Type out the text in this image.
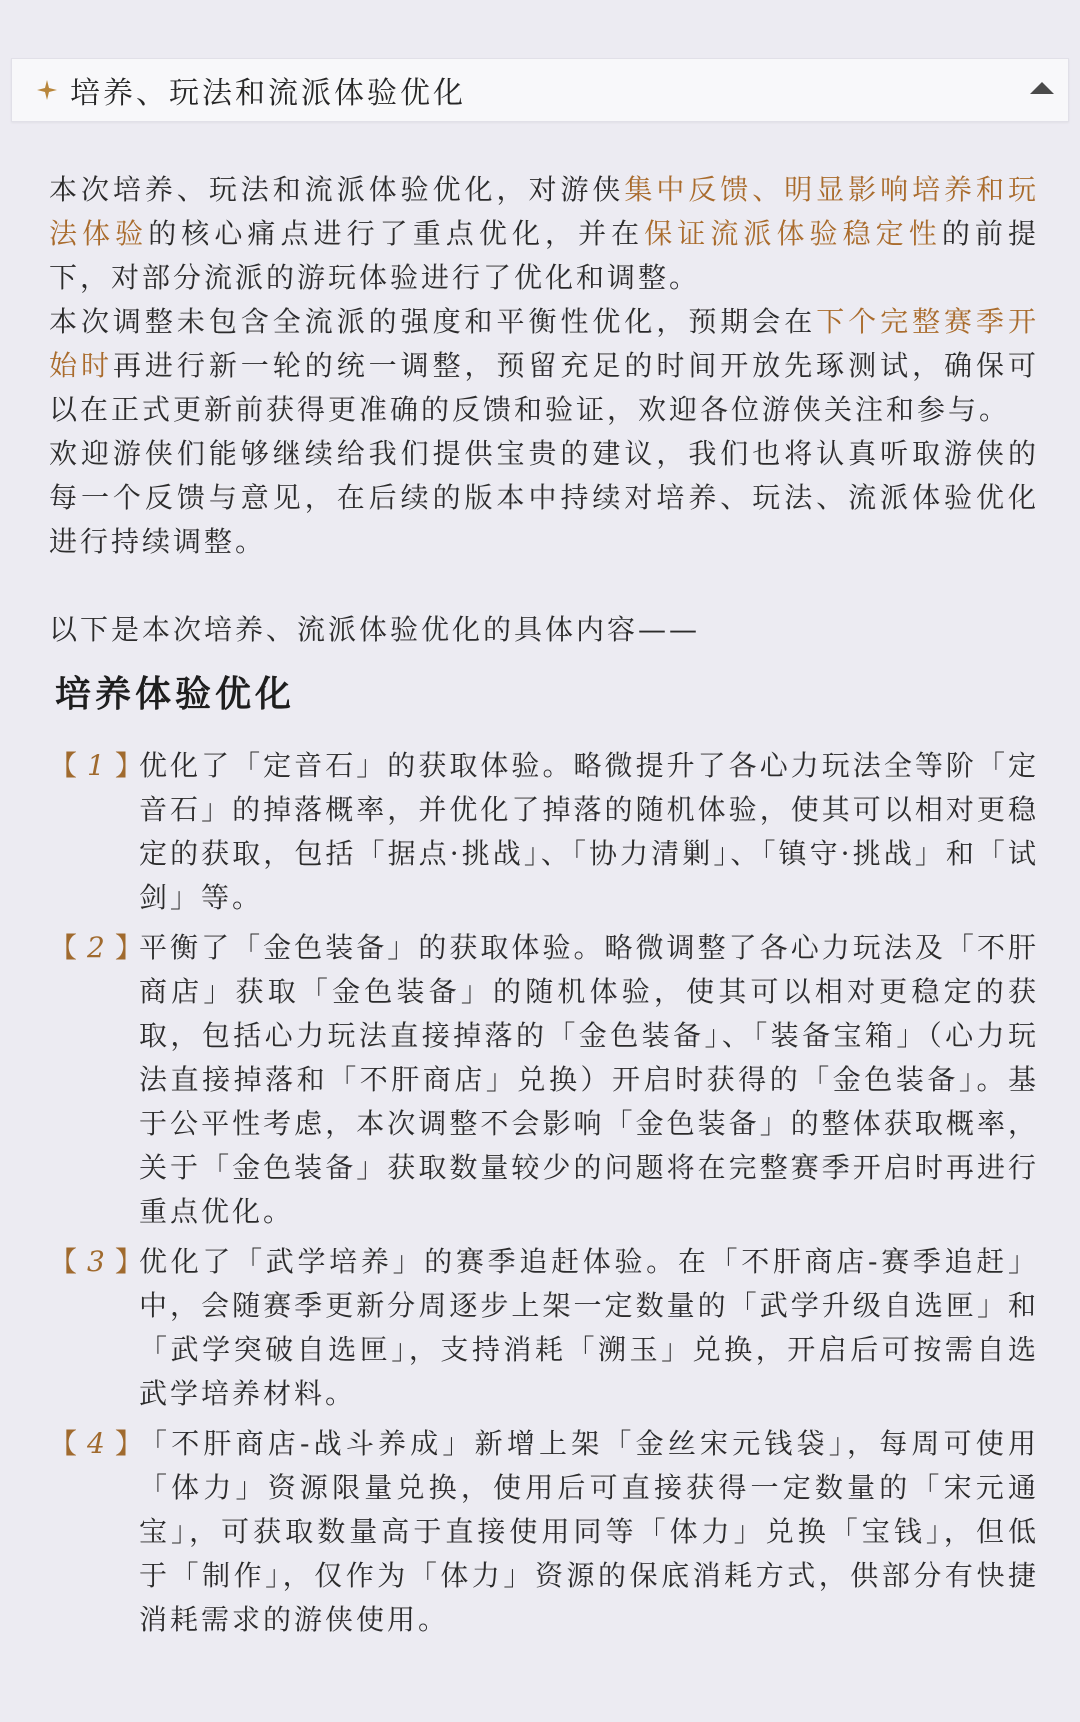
培养、玩法和流派体验优化

本次培养、玩法和流派体验优化，对游侠集中反馈、明显影响培养和玩法体验的核心痛点进行了重点优化，并在保证流派体验稳定性的前提下，对部分流派的游玩体验进行了优化和调整。

本次调整未包含全流派的强度和平衡性优化，预期会在下个完整赛季开始时再进行新一轮的统一调整，预留充足的时间开放先琢测试，确保可以在正式更新前获得更准确的反馈和验证，欢迎各位游侠关注和参与。

欢迎游侠们能够继续给我们提供宝贵的建议，我们也将认真听取游侠的每一个反馈与意见，在后续的版本中持续对培养、玩法、流派体验优化进行持续调整。

以下是本次培养、流派体验优化的具体内容——

培养体验优化
【 1 】
优化了「定音石」的获取体验。略微提升了各心力玩法全等阶「定音石」的掉落概率，并优化了掉落的随机体验，使其可以相对更稳定的获取，包括「据点·挑战」、「协力清剿」、「镇守·挑战」和「试剑」等。
【 2 】
平衡了「金色装备」的获取体验。略微调整了各心力玩法及「不肝商店」获取「金色装备」的随机体验，使其可以相对更稳定的获取，包括心力玩法直接掉落的「金色装备」、「装备宝箱」（心力玩法直接掉落和「不肝商店」兑换）开启时获得的「金色装备」。基于公平性考虑，本次调整不会影响「金色装备」的整体获取概率，关于「金色装备」获取数量较少的问题将在完整赛季开启时再进行重点优化。
【 3 】
优化了「武学培养」的赛季追赶体验。在「不肝商店-赛季追赶」中，会随赛季更新分周逐步上架一定数量的「武学升级自选匣」和「武学突破自选匣」，支持消耗「溯玉」兑换，开启后可按需自选武学培养材料。
【 4 】
「不肝商店-战斗养成」新增上架「金丝宋元钱袋」，每周可使用「体力」资源限量兑换，使用后可直接获得一定数量的「宋元通宝」，可获取数量高于直接使用同等「体力」兑换「宝钱」，但低于「制作」，仅作为「体力」资源的保底消耗方式，供部分有快捷消耗需求的游侠使用。
